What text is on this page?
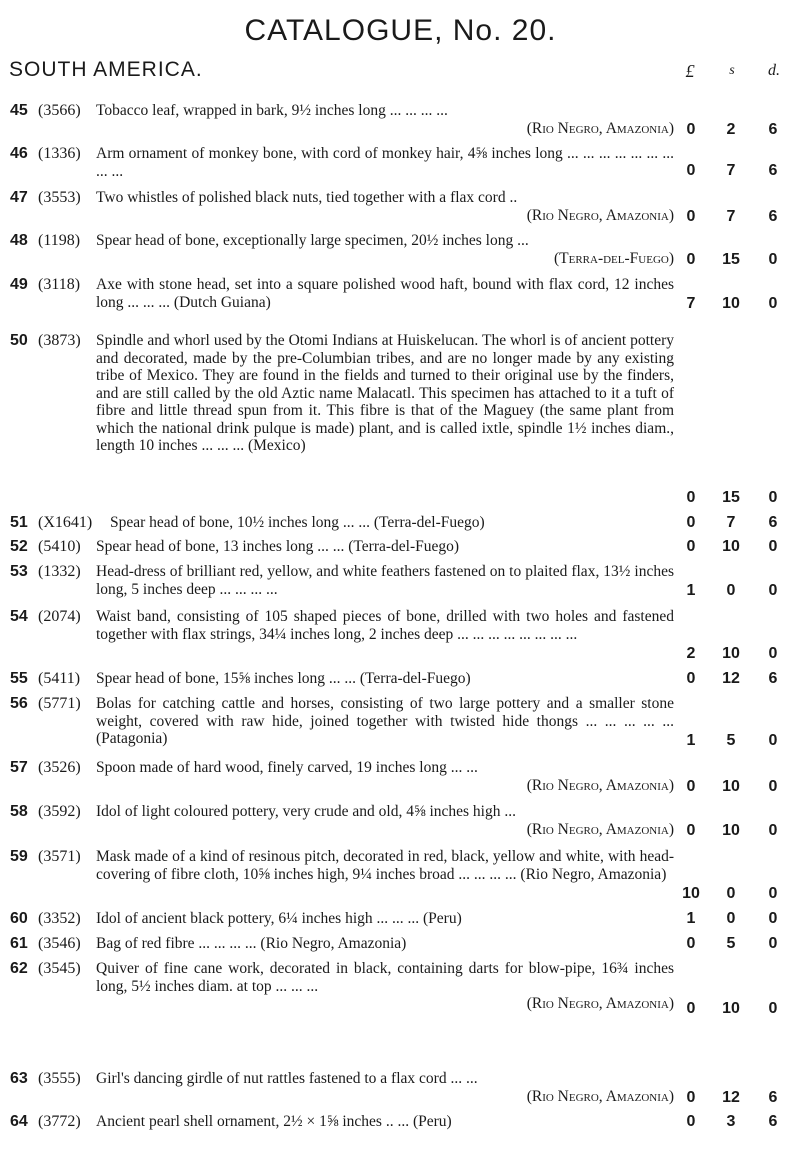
CATALOGUE, No. 20.
SOUTH AMERICA.	£	s	d.
45 (3566) Tobacco leaf, wrapped in bark, 9½ inches long ... ... ... ...
(Rio Negro, Amazonia) 0	2	6
46 (1336) Arm ornament of monkey bone, with cord of monkey hair, 4⅝ inches long ... ... ... ... ... ... ... ... ...	0	7	6
47 (3553) Two whistles of polished black nuts, tied together with a flax cord ..
(Rio Negro, Amazonia) 0	7	6
48 (1198) Spear head of bone, exceptionally large specimen, 20½ inches long ...
(Terra-del-Fuego) 0	15	0
49 (3118) Axe with stone head, set into a square polished wood haft, bound with flax cord, 12 inches long ... ... ... (Dutch Guiana)	7	10	0
50 (3873) Spindle and whorl used by the Otomi Indians at Huiskelucan. The whorl is of ancient pottery and decorated, made by the pre-Columbian tribes, and are no longer made by any existing tribe of Mexico. They are found in the fields and turned to their original use by the finders, and are still called by the old Aztic name Malacatl. This specimen has attached to it a tuft of fibre and little thread spun from it. This fibre is that of the Maguey (the same plant from which the national drink pulque is made) plant, and is called ixtle, spindle 1½ inches diam., length 10 inches ... ... ... (Mexico)
0	15	0
51 (X1641) Spear head of bone, 10½ inches long ... ... (Terra-del-Fuego)	0	7	6
52 (5410) Spear head of bone, 13 inches long ... ... (Terra-del-Fuego)	0	10	0
53 (1332) Head-dress of brilliant red, yellow, and white feathers fastened on to plaited flax, 13½ inches long, 5 inches deep ... ... ... ...	1	0	0
54 (2074) Waist band, consisting of 105 shaped pieces of bone, drilled with two holes and fastened together with flax strings, 34¼ inches long, 2 inches deep ... ... ... ... ... ... ... ...
2	10	0
55 (5411) Spear head of bone, 15⅝ inches long ... ... (Terra-del-Fuego)	0	12	6
56 (5771) Bolas for catching cattle and horses, consisting of two large pottery and a smaller stone weight, covered with raw hide, joined together with twisted hide thongs ... ... ... ... ... (Patagonia)	1	5	0
57 (3526) Spoon made of hard wood, finely carved, 19 inches long ... ...
(Rio Negro, Amazonia) 0	10	0
58 (3592) Idol of light coloured pottery, very crude and old, 4⅝ inches high ...
(Rio Negro, Amazonia) 0	10	0
59 (3571) Mask made of a kind of resinous pitch, decorated in red, black, yellow and white, with head-covering of fibre cloth, 10⅝ inches high, 9¼ inches broad ... ... ... ... (Rio Negro, Amazonia)
10	0	0
60 (3352) Idol of ancient black pottery, 6¼ inches high ... ... ... (Peru)	1	0	0
61 (3546) Bag of red fibre ... ... ... ... (Rio Negro, Amazonia)	0	5	0
62 (3545) Quiver of fine cane work, decorated in black, containing darts for blow-pipe, 16¾ inches long, 5½ inches diam. at top ... ... ...
(Rio Negro, Amazonia) 0	10	0
63 (3555) Girl's dancing girdle of nut rattles fastened to a flax cord ... ...
(Rio Negro, Amazonia) 0	12	6
64 (3772) Ancient pearl shell ornament, 2½ × 1⅝ inches .. ... (Peru)	0	3	6
